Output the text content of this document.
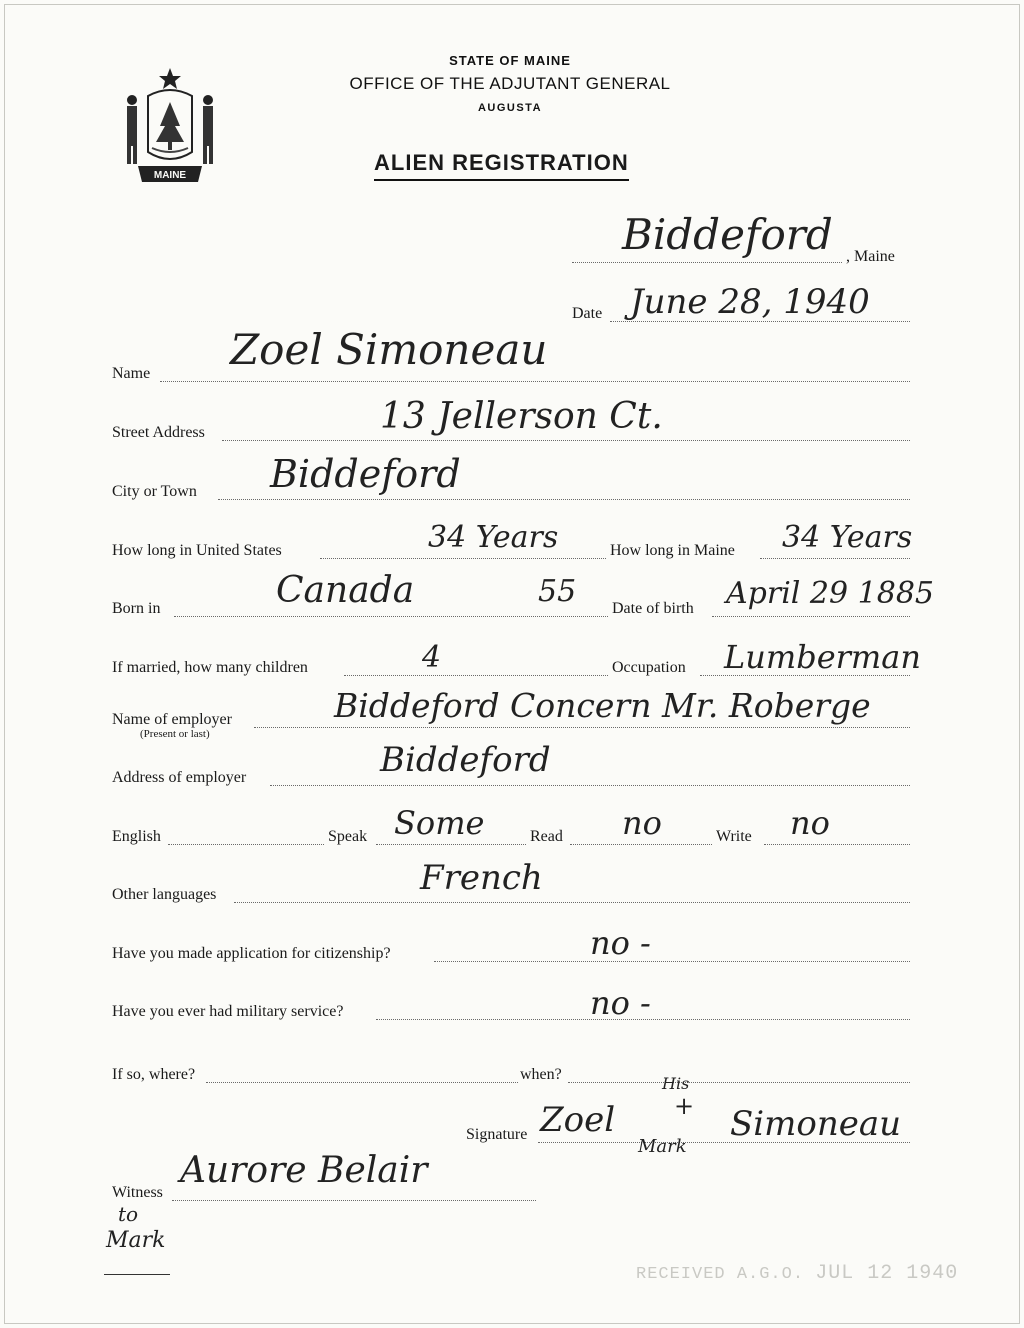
MAINE
STATE OF MAINE
OFFICE OF THE ADJUTANT GENERAL
AUGUSTA
ALIEN REGISTRATION
Biddeford , Maine
Date June 28, 1940
Name Zoel Simoneau
Street Address	13 Jellerson Ct.
City or Town Biddeford
How long in United States	34 Years	How long in Maine 34 Years
Born in	Canada	55 Date of birth April 29 1885
If married, how many children	4	Occupation Lumberman
Name of employer
(Present or last)
Biddeford Concern Mr. Roberge
Address of employer	Biddeford
English	Speak Some	Read no	Write no
Other languages	French
Have you made application for citizenship?	no -
Have you ever had military service?	no -
If so, where?	when?
Signature Zoel
His
+
Mark
Simoneau
Witness
Aurore Belair
to
Mark
RECEIVED A.G.O. JUL 12 1940
